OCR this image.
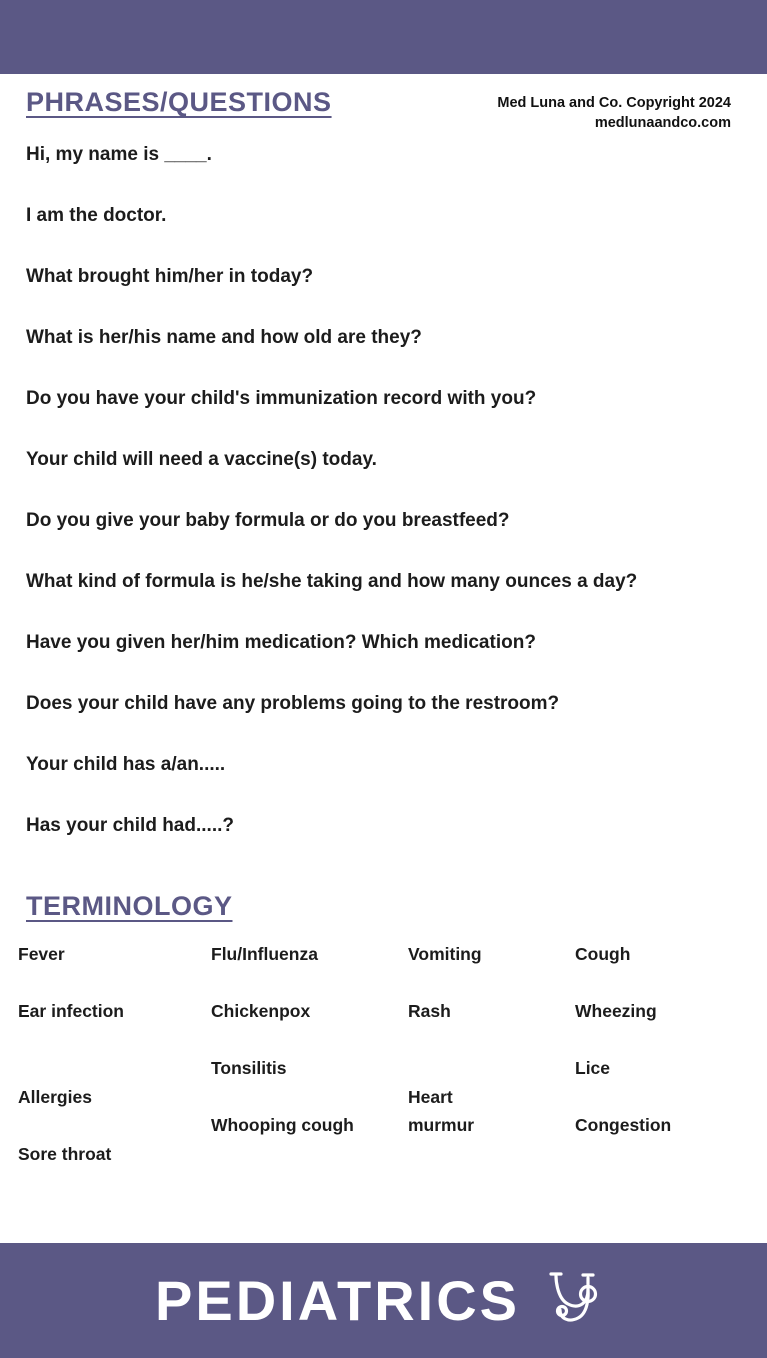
PHRASES/QUESTIONS	Med Luna and Co. Copyright 2024
medlunaandco.com
Hi, my name is ____.
I am the doctor.
What brought him/her in today?
What is her/his name and how old are they?
Do you have your child's immunization record with you?
Your child will need a vaccine(s) today.
Do you give your baby formula or do you breastfeed?
What kind of formula is he/she taking and how many ounces a day?
Have you given her/him medication? Which medication?
Does your child have any problems going to the restroom?
Your child has a/an.....
Has your child had.....?
TERMINOLOGY
Fever
Ear infection
Allergies
Sore throat
Flu/Influenza
Chickenpox
Tonsilitis
Whooping cough
Vomiting
Rash
Heart
murmur
Cough
Wheezing
Lice
Congestion
PEDIATRICS
